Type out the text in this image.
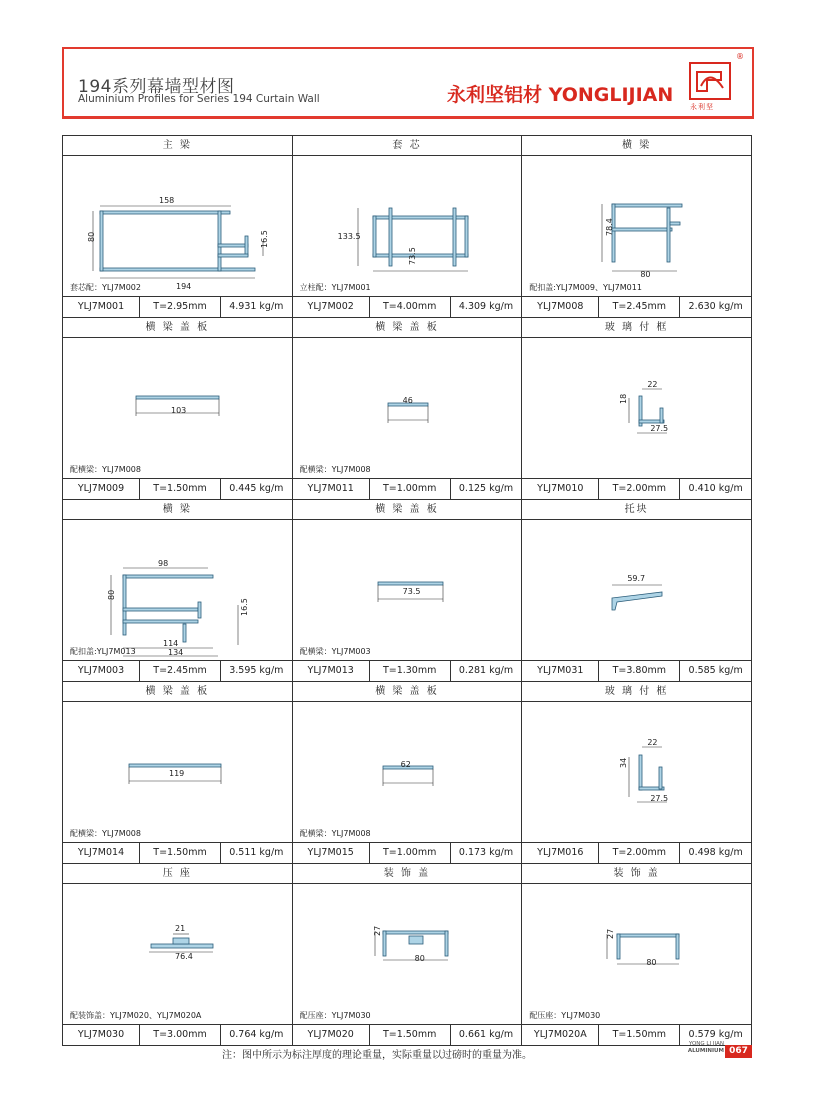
194系列幕墙型材图
Aluminium Profiles for Series 194 Curtain Wall	永利坚铝材 YONGLIJIAN
永利坚
®
主 梁
158
80	16.5
194
套芯配：YLJ7M002
YLJ7M001	T=2.95mm	4.931 kg/m
套 芯
73.5
133.5
立柱配：YLJ7M001
YLJ7M002	T=4.00mm	4.309 kg/m
横 梁
78.4
80
配扣盖:YLJ7M009、YLJ7M011
YLJ7M008	T=2.45mm	2.630 kg/m
横 梁 盖 板
103
配横梁：YLJ7M008
YLJ7M009	T=1.50mm	0.445 kg/m
横 梁 盖 板
46
配横梁：YLJ7M008
YLJ7M011	T=1.00mm	0.125 kg/m
玻 璃 付 框
22
18
27.5
YLJ7M010	T=2.00mm	0.410 kg/m
横 梁
98
80
16.5
114
134
配扣盖:YLJ7M013
YLJ7M003	T=2.45mm	3.595 kg/m
横 梁 盖 板
73.5
配横梁：YLJ7M003
YLJ7M013	T=1.30mm	0.281 kg/m
托块
59.7
YLJ7M031	T=3.80mm	0.585 kg/m
横 梁 盖 板
119
配横梁：YLJ7M008
YLJ7M014	T=1.50mm	0.511 kg/m
横 梁 盖 板
62
配横梁：YLJ7M008
YLJ7M015	T=1.00mm	0.173 kg/m
玻 璃 付 框
22
34
27.5
YLJ7M016	T=2.00mm	0.498 kg/m
压 座
21
76.4
配装饰盖：YLJ7M020、YLJ7M020A
YLJ7M030	T=3.00mm	0.764 kg/m
装 饰 盖
27
80
配压座：YLJ7M030
YLJ7M020	T=1.50mm	0.661 kg/m
装 饰 盖
27
80
配压座：YLJ7M030
YLJ7M020A	T=1.50mm	0.579 kg/m
注：图中所示为标注厚度的理论重量，实际重量以过磅时的重量为准。
YONG LI JIAN
ALUMINIUM 067
